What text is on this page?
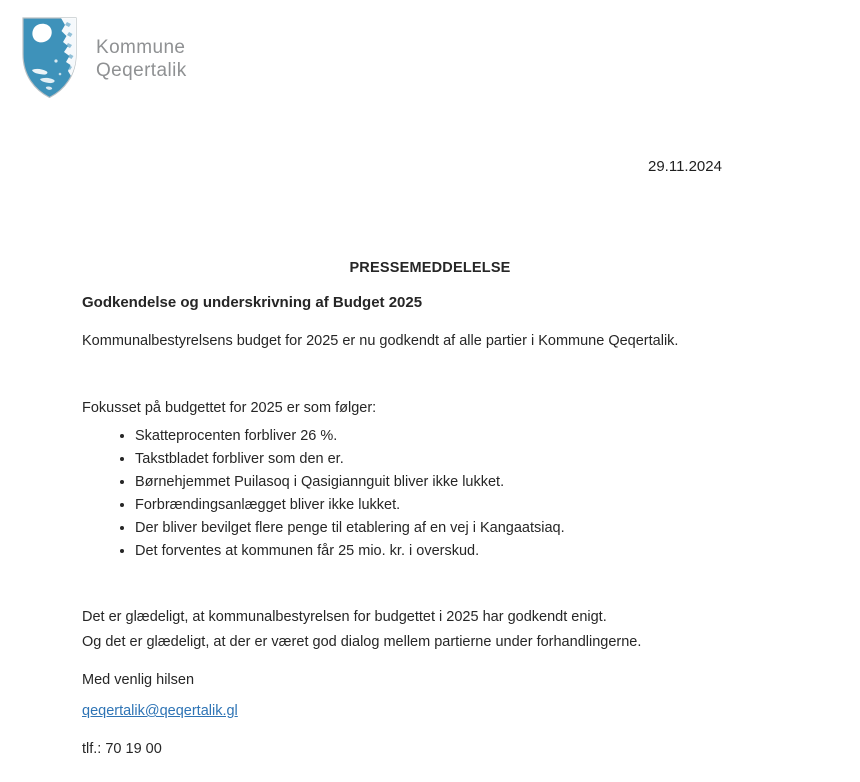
Kommune
Qeqertalik
29.11.2024
PRESSEMEDDELELSE
Godkendelse og underskrivning af Budget 2025
Kommunalbestyrelsens budget for 2025 er nu godkendt af alle partier i Kommune Qeqertalik.
Fokusset på budgettet for 2025 er som følger:
• Skatteprocenten forbliver 26 %.
• Takstbladet forbliver som den er.
• Børnehjemmet Puilasoq i Qasigiannguit bliver ikke lukket.
• Forbrændingsanlægget bliver ikke lukket.
• Der bliver bevilget flere penge til etablering af en vej i Kangaatsiaq.
• Det forventes at kommunen får 25 mio. kr. i overskud.
Det er glædeligt, at kommunalbestyrelsen for budgettet i 2025 har godkendt enigt.
Og det er glædeligt, at der er været god dialog mellem partierne under forhandlingerne.
Med venlig hilsen
qeqertalik@qeqertalik.gl
tlf.: 70 19 00
